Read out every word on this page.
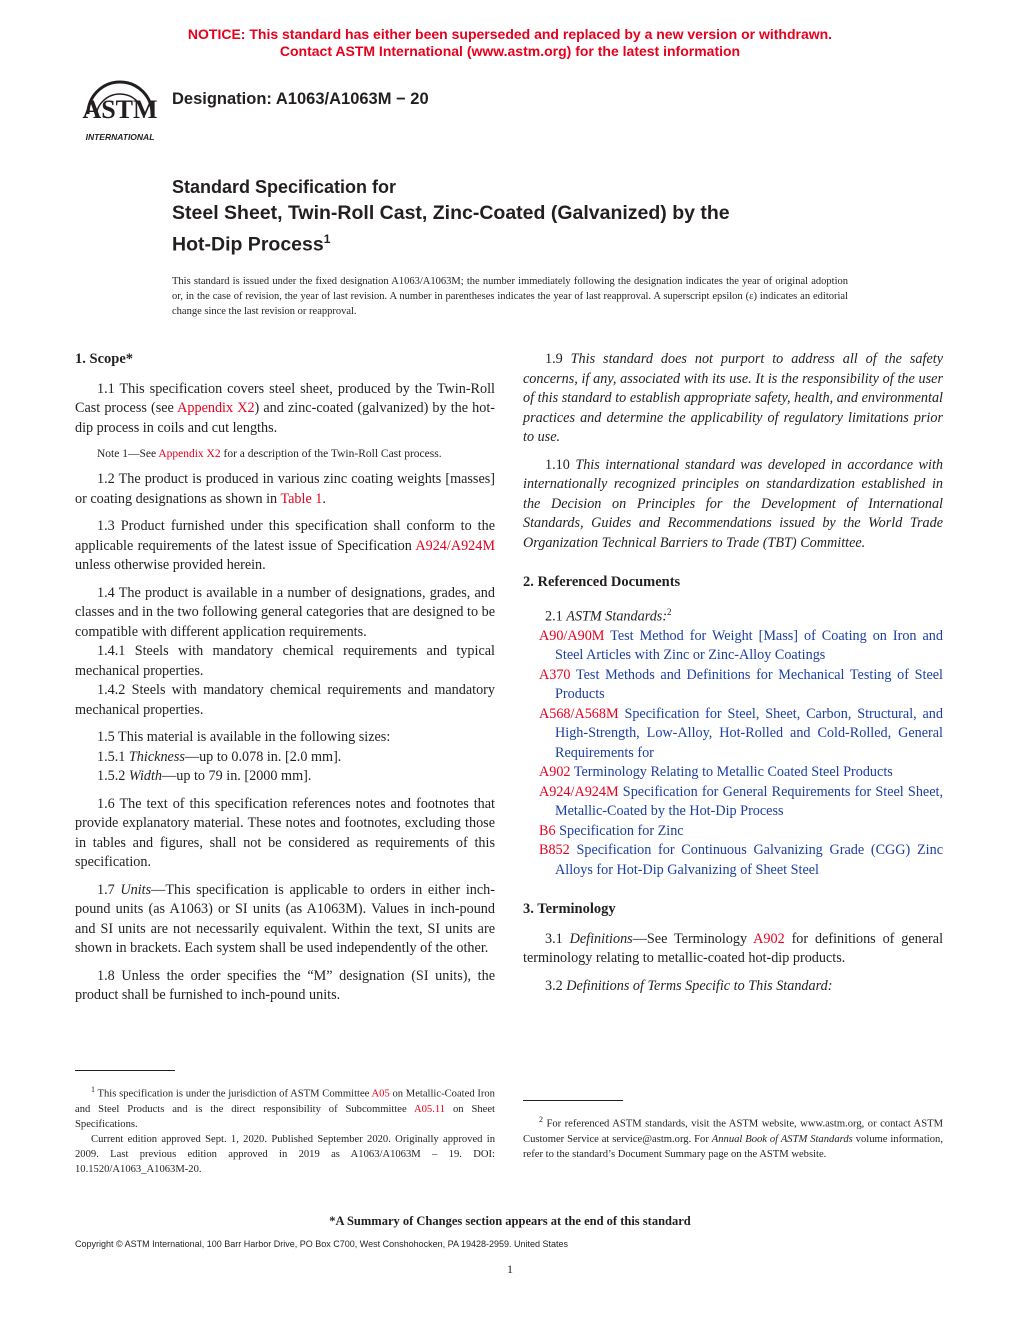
NOTICE: This standard has either been superseded and replaced by a new version or withdrawn.
Contact ASTM International (www.astm.org) for the latest information
ASTM
INTERNATIONAL
Designation: A1063/A1063M − 20
Standard Specification for
Steel Sheet, Twin-Roll Cast, Zinc-Coated (Galvanized) by the
Hot-Dip Process$^1$
This standard is issued under the fixed designation A1063/A1063M; the number immediately following the designation indicates the year of original adoption or, in the case of revision, the year of last revision. A number in parentheses indicates the year of last reapproval. A superscript epsilon (ε) indicates an editorial change since the last revision or reapproval.

1. Scope*

1.1 This specification covers steel sheet, produced by the Twin-Roll Cast process (see Appendix X2) and zinc-coated (galvanized) by the hot-dip process in coils and cut lengths.

Note 1—See Appendix X2 for a description of the Twin-Roll Cast process.

1.2 The product is produced in various zinc coating weights [masses] or coating designations as shown in Table 1.

1.3 Product furnished under this specification shall conform to the applicable requirements of the latest issue of Specification A924/A924M unless otherwise provided herein.

1.4 The product is available in a number of designations, grades, and classes and in the two following general categories that are designed to be compatible with different application requirements.

1.4.1 Steels with mandatory chemical requirements and typical mechanical properties.

1.4.2 Steels with mandatory chemical requirements and mandatory mechanical properties.

1.5 This material is available in the following sizes:

1.5.1 Thickness—up to 0.078 in. [2.0 mm].

1.5.2 Width—up to 79 in. [2000 mm].

1.6 The text of this specification references notes and footnotes that provide explanatory material. These notes and footnotes, excluding those in tables and figures, shall not be considered as requirements of this specification.

1.7 Units—This specification is applicable to orders in either inch-pound units (as A1063) or SI units (as A1063M). Values in inch-pound and SI units are not necessarily equivalent. Within the text, SI units are shown in brackets. Each system shall be used independently of the other.

1.8 Unless the order specifies the “M” designation (SI units), the product shall be furnished to inch-pound units.

1.9 This standard does not purport to address all of the safety concerns, if any, associated with its use. It is the responsibility of the user of this standard to establish appropriate safety, health, and environmental practices and determine the applicability of regulatory limitations prior to use.

1.10 This international standard was developed in accordance with internationally recognized principles on standardization established in the Decision on Principles for the Development of International Standards, Guides and Recommendations issued by the World Trade Organization Technical Barriers to Trade (TBT) Committee.

2. Referenced Documents

2.1 ASTM Standards:$^2$

A90/A90M Test Method for Weight [Mass] of Coating on Iron and Steel Articles with Zinc or Zinc-Alloy Coatings

A370 Test Methods and Definitions for Mechanical Testing of Steel Products

A568/A568M Specification for Steel, Sheet, Carbon, Structural, and High-Strength, Low-Alloy, Hot-Rolled and Cold-Rolled, General Requirements for

A902 Terminology Relating to Metallic Coated Steel Products

A924/A924M Specification for General Requirements for Steel Sheet, Metallic-Coated by the Hot-Dip Process

B6 Specification for Zinc

B852 Specification for Continuous Galvanizing Grade (CGG) Zinc Alloys for Hot-Dip Galvanizing of Sheet Steel

3. Terminology

3.1 Definitions—See Terminology A902 for definitions of general terminology relating to metallic-coated hot-dip products.

3.2 Definitions of Terms Specific to This Standard:

$^1$ This specification is under the jurisdiction of ASTM Committee A05 on Metallic-Coated Iron and Steel Products and is the direct responsibility of Subcommittee A05.11 on Sheet Specifications.

Current edition approved Sept. 1, 2020. Published September 2020. Originally approved in 2009. Last previous edition approved in 2019 as A1063/A1063M – 19. DOI: 10.1520/A1063_A1063M-20.

$^2$ For referenced ASTM standards, visit the ASTM website, www.astm.org, or contact ASTM Customer Service at service@astm.org. For Annual Book of ASTM Standards volume information, refer to the standard’s Document Summary page on the ASTM website.

*A Summary of Changes section appears at the end of this standard
Copyright © ASTM International, 100 Barr Harbor Drive, PO Box C700, West Conshohocken, PA 19428-2959. United States
1
